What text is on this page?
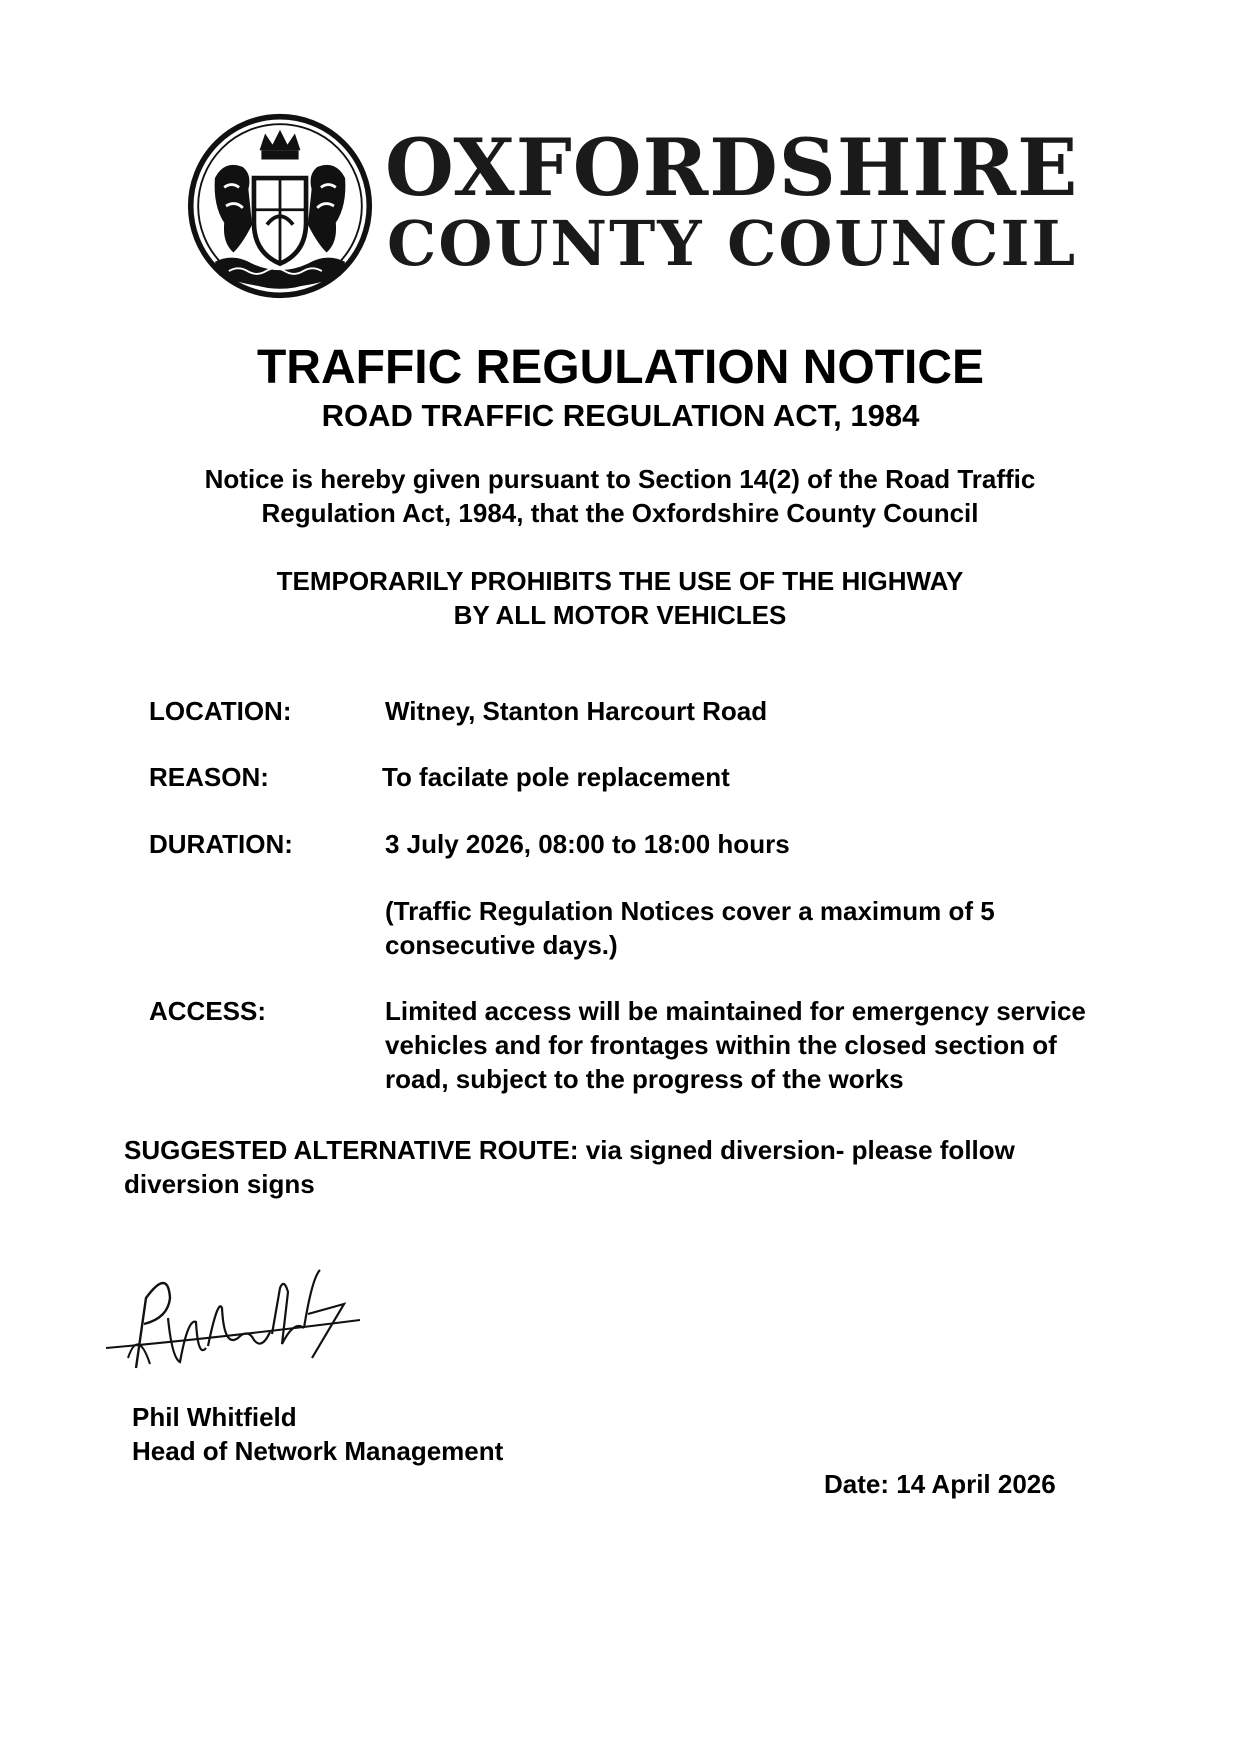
OXFORDSHIRE
COUNTY COUNCIL
TRAFFIC REGULATION NOTICE
ROAD TRAFFIC REGULATION ACT, 1984
Notice is hereby given pursuant to Section 14(2) of the Road Traffic
Regulation Act, 1984, that the Oxfordshire County Council
TEMPORARILY PROHIBITS THE USE OF THE HIGHWAY
BY ALL MOTOR VEHICLES
LOCATION:	Witney, Stanton Harcourt Road
REASON:	To facilate pole replacement
DURATION:	3 July 2026, 08:00 to 18:00 hours
(Traffic Regulation Notices cover a maximum of 5
consecutive days.)
ACCESS:	Limited access will be maintained for emergency service
vehicles and for frontages within the closed section of
road, subject to the progress of the works
SUGGESTED ALTERNATIVE ROUTE: via signed diversion- please follow
diversion signs
Phil Whitfield
Head of Network Management
Date: 14 April 2026
